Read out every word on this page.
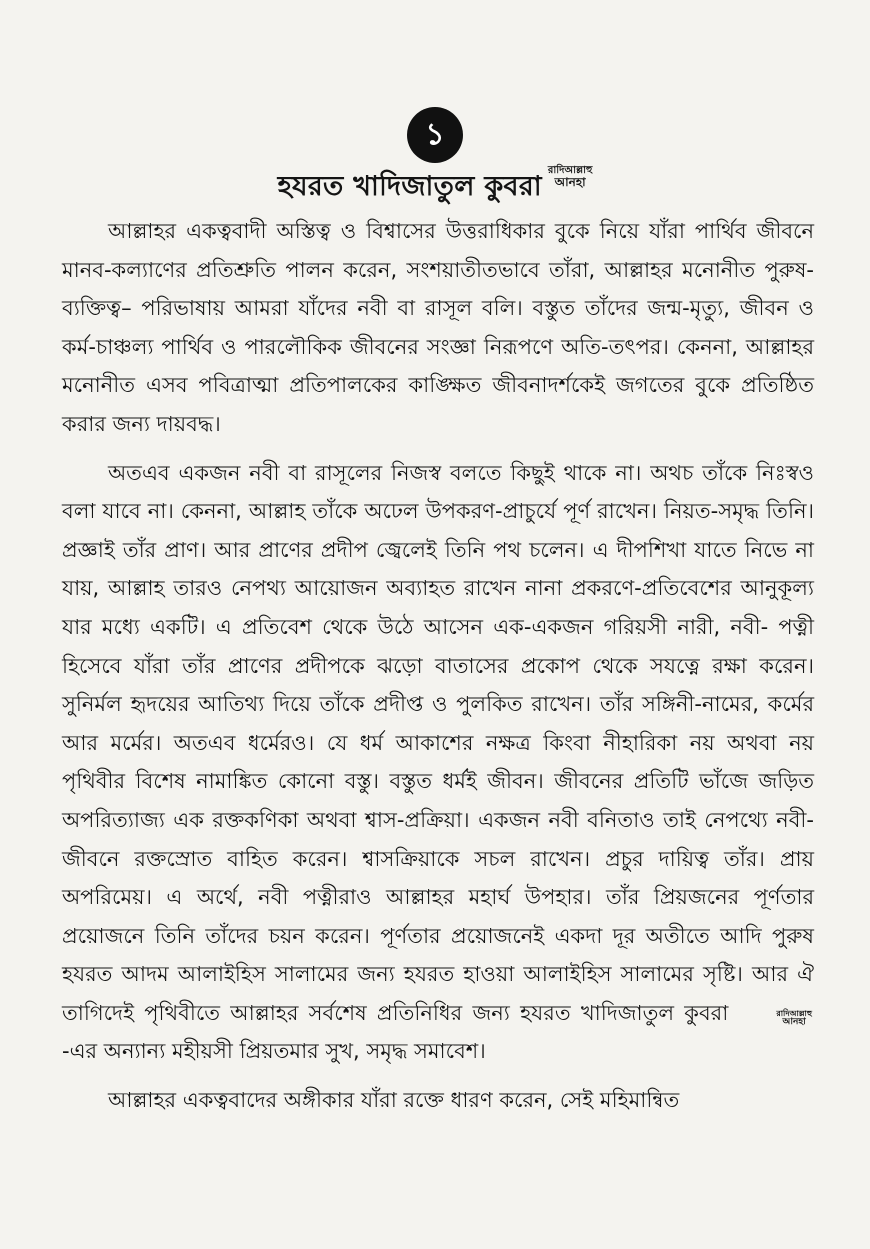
১
হযরত খাদিজাতুল কুবরা
রাদিআল্লাহু
আনহা

আল্লাহর একত্ববাদী অস্তিত্ব ও বিশ্বাসের উত্তরাধিকার বুকে নিয়ে যাঁরা পার্থিব জীবনে মানব-কল্যাণের প্রতিশ্রুতি পালন করেন, সংশয়াতীতভাবে তাঁরা, আল্লাহর মনোনীত পুরুষ-ব্যক্তিত্ব– পরিভাষায় আমরা যাঁদের নবী বা রাসূল বলি। বস্তুত তাঁদের জন্ম-মৃত্যু, জীবন ও কর্ম-চাঞ্চল্য পার্থিব ও পারলৌকিক জীবনের সংজ্ঞা নিরূপণে অতি-তৎপর। কেননা, আল্লাহর মনোনীত এসব পবিত্রাত্মা প্রতিপালকের কাঙ্ক্ষিত জীবনাদর্শকেই জগতের বুকে প্রতিষ্ঠিত করার জন্য দায়বদ্ধ।

অতএব একজন নবী বা রাসূলের নিজস্ব বলতে কিছুই থাকে না। অথচ তাঁকে নিঃস্বও বলা যাবে না। কেননা, আল্লাহ তাঁকে অঢেল উপকরণ-প্রাচুর্যে পূর্ণ রাখেন। নিয়ত-সমৃদ্ধ তিনি। প্রজ্ঞাই তাঁর প্রাণ। আর প্রাণের প্রদীপ জ্বেলেই তিনি পথ চলেন। এ দীপশিখা যাতে নিভে না যায়, আল্লাহ তারও নেপথ্য আয়োজন অব্যাহত রাখেন নানা প্রকরণে-প্রতিবেশের আনুকূল্য যার মধ্যে একটি। এ প্রতিবেশ থেকে উঠে আসেন এক-একজন গরিয়সী নারী, নবী- পত্নী হিসেবে যাঁরা তাঁর প্রাণের প্রদীপকে ঝড়ো বাতাসের প্রকোপ থেকে সযত্নে রক্ষা করেন। সুনির্মল হৃদয়ের আতিথ্য দিয়ে তাঁকে প্রদীপ্ত ও পুলকিত রাখেন। তাঁর সঙ্গিনী-নামের, কর্মের আর মর্মের। অতএব ধর্মেরও। যে ধর্ম আকাশের নক্ষত্র কিংবা নীহারিকা নয় অথবা নয় পৃথিবীর বিশেষ নামাঙ্কিত কোনো বস্তু। বস্তুত ধর্মই জীবন। জীবনের প্রতিটি ভাঁজে জড়িত অপরিত্যাজ্য এক রক্তকণিকা অথবা শ্বাস-প্রক্রিয়া। একজন নবী বনিতাও তাই নেপথ্যে নবী-জীবনে রক্তস্রোত বাহিত করেন। শ্বাসক্রিয়াকে সচল রাখেন। প্রচুর দায়িত্ব তাঁর। প্রায় অপরিমেয়। এ অর্থে, নবী পত্নীরাও আল্লাহর মহার্ঘ উপহার। তাঁর প্রিয়জনের পূর্ণতার প্রয়োজনে তিনি তাঁদের চয়ন করেন। পূর্ণতার প্রয়োজনেই একদা দূর অতীতে আদি পুরুষ হযরত আদম আলাইহিস সালামের জন্য হযরত হাওয়া আলাইহিস সালামের সৃষ্টি। আর ঐ তাগিদেই পৃথিবীতে আল্লাহর সর্বশেষ প্রতিনিধির জন্য হযরত খাদিজাতুল কুবরা	রাদিআল্লাহু
আনহা
-এর অন্যান্য মহীয়সী প্রিয়তমার সুখ, সমৃদ্ধ সমাবেশ।

আল্লাহর একত্ববাদের অঙ্গীকার যাঁরা রক্তে ধারণ করেন, সেই মহিমান্বিত
